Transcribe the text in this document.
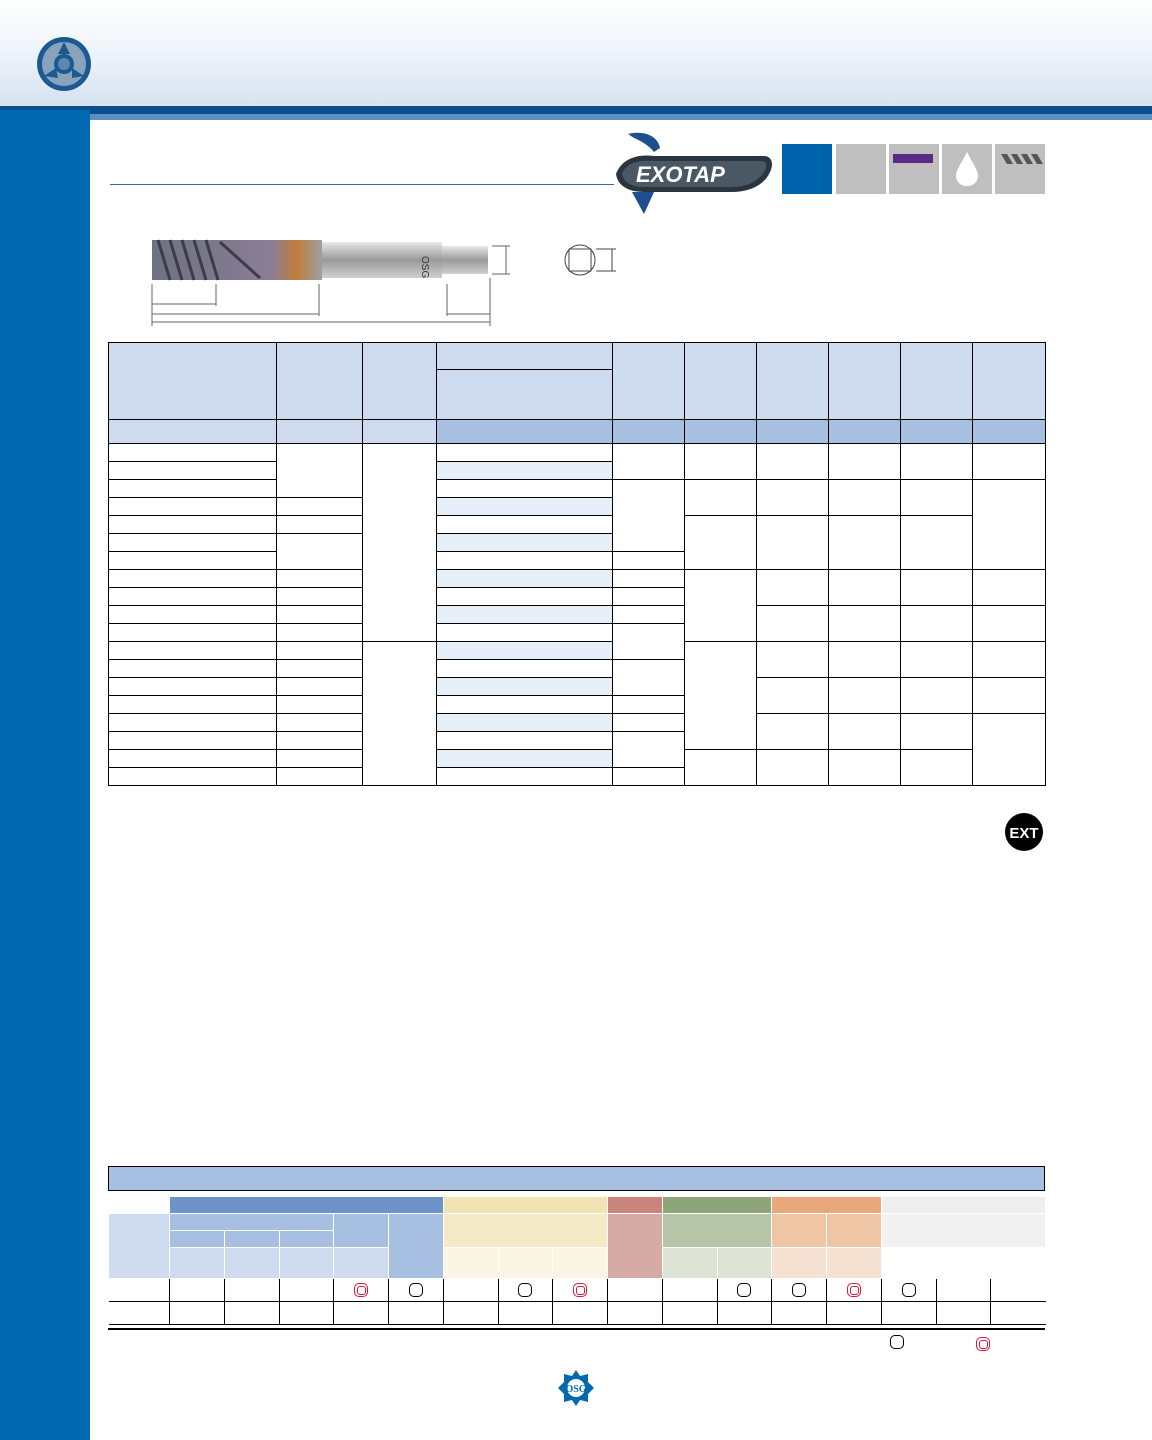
EXOTAP
OSG

EXT

OSG
